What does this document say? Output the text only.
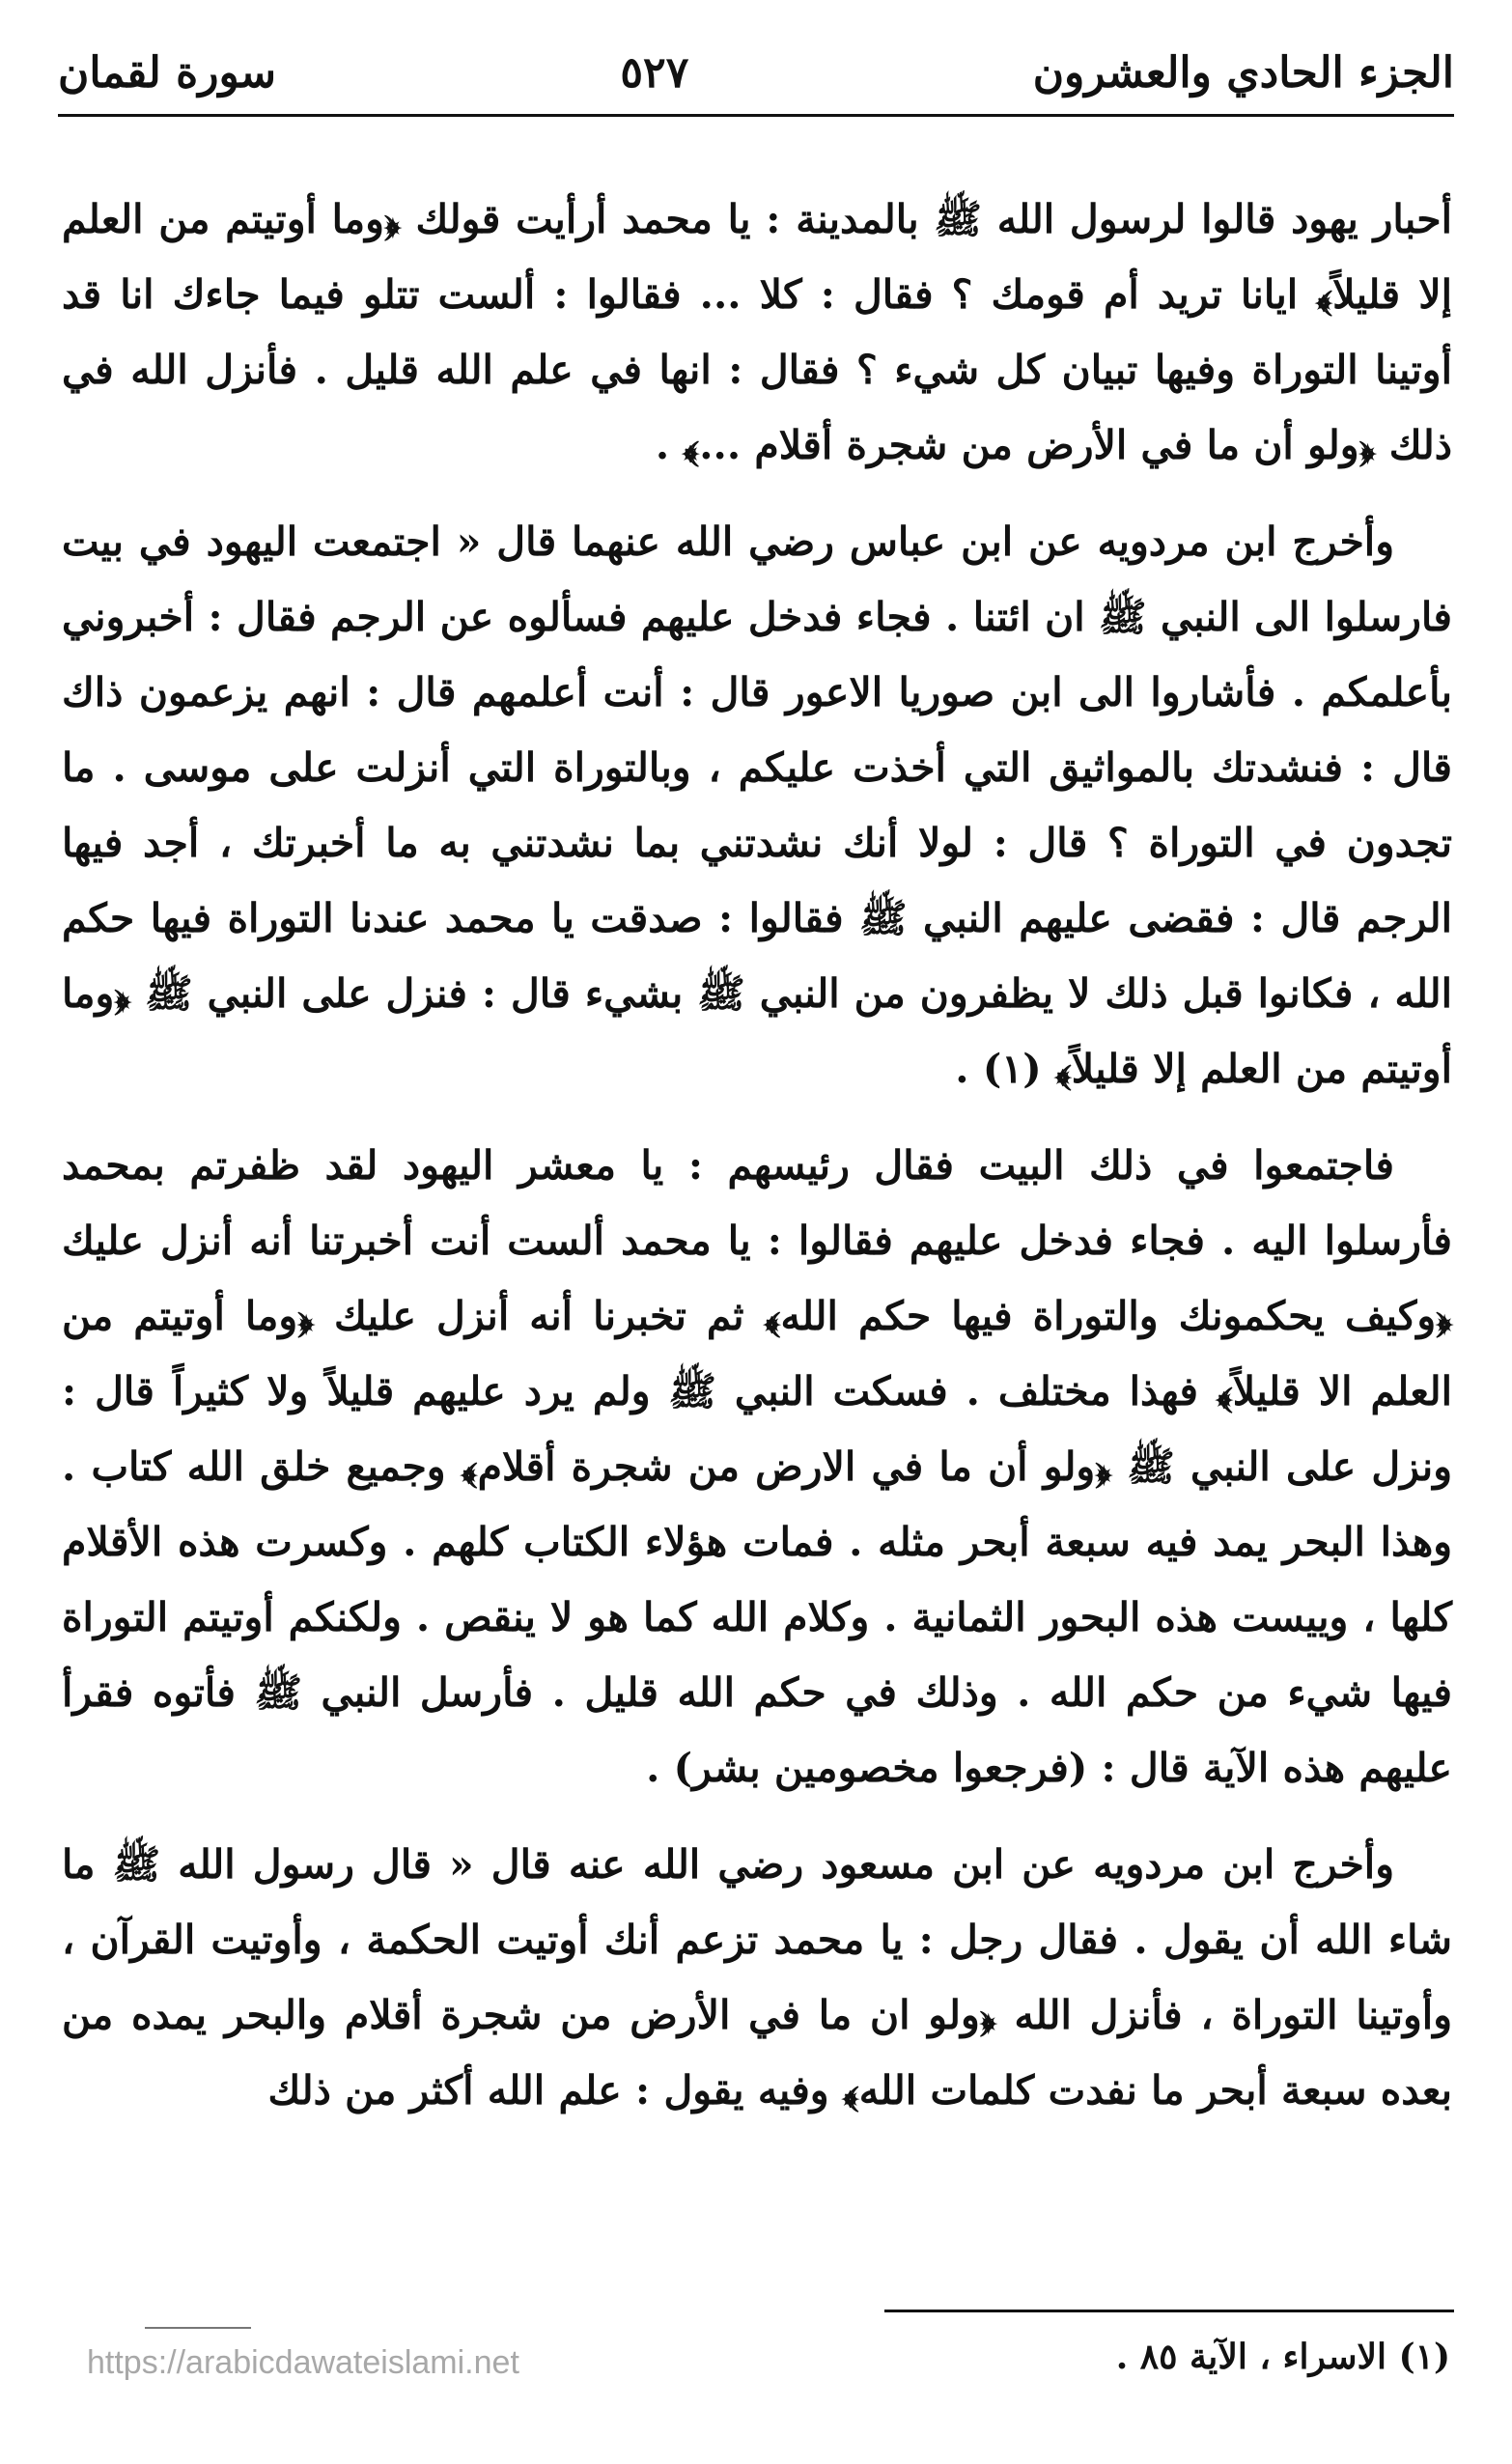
الجزء الحادي والعشرون
٥٢٧
سورة لقمان

أحبار يهود قالوا لرسول الله ﷺ بالمدينة : يا محمد أرأيت قولك ﴿وما أوتيتم من العلم إلا قليلاً﴾ ايانا تريد أم قومك ؟ فقال : كلا ... فقالوا : ألست تتلو فيما جاءك انا قد أوتينا التوراة وفيها تبيان كل شيء ؟ فقال : انها في علم الله قليل . فأنزل الله في ذلك ﴿ولو أن ما في الأرض من شجرة أقلام ...﴾ .

وأخرج ابن مردويه عن ابن عباس رضي الله عنهما قال « اجتمعت اليهود في بيت فارسلوا الى النبي ﷺ ان ائتنا . فجاء فدخل عليهم فسألوه عن الرجم فقال : أخبروني بأعلمكم . فأشاروا الى ابن صوريا الاعور قال : أنت أعلمهم قال : انهم يزعمون ذاك قال : فنشدتك بالمواثيق التي أخذت عليكم ، وبالتوراة التي أنزلت على موسى . ما تجدون في التوراة ؟ قال : لولا أنك نشدتني بما نشدتني به ما أخبرتك ، أجد فيها الرجم قال : فقضى عليهم النبي ﷺ فقالوا : صدقت يا محمد عندنا التوراة فيها حكم الله ، فكانوا قبل ذلك لا يظفرون من النبي ﷺ بشيء قال : فنزل على النبي ﷺ ﴿وما أوتيتم من العلم إلا قليلاً﴾ (١) .

فاجتمعوا في ذلك البيت فقال رئيسهم : يا معشر اليهود لقد ظفرتم بمحمد فأرسلوا اليه . فجاء فدخل عليهم فقالوا : يا محمد ألست أنت أخبرتنا أنه أنزل عليك ﴿وكيف يحكمونك والتوراة فيها حكم الله﴾ ثم تخبرنا أنه أنزل عليك ﴿وما أوتيتم من العلم الا قليلاً﴾ فهذا مختلف . فسكت النبي ﷺ ولم يرد عليهم قليلاً ولا كثيراً قال : ونزل على النبي ﷺ ﴿ولو أن ما في الارض من شجرة أقلام﴾ وجميع خلق الله كتاب . وهذا البحر يمد فيه سبعة أبحر مثله . فمات هؤلاء الكتاب كلهم . وكسرت هذه الأقلام كلها ، وييست هذه البحور الثمانية . وكلام الله كما هو لا ينقص . ولكنكم أوتيتم التوراة فيها شيء من حكم الله . وذلك في حكم الله قليل . فأرسل النبي ﷺ فأتوه فقرأ عليهم هذه الآية قال : (فرجعوا مخصومين بشر) .

وأخرج ابن مردويه عن ابن مسعود رضي الله عنه قال « قال رسول الله ﷺ ما شاء الله أن يقول . فقال رجل : يا محمد تزعم أنك أوتيت الحكمة ، وأوتيت القرآن ، وأوتينا التوراة ، فأنزل الله ﴿ولو ان ما في الأرض من شجرة أقلام والبحر يمده من بعده سبعة أبحر ما نفدت كلمات الله﴾ وفيه يقول : علم الله أكثر من ذلك

(١) الاسراء ، الآية ٨٥ .
https://arabicdawateislami.net
